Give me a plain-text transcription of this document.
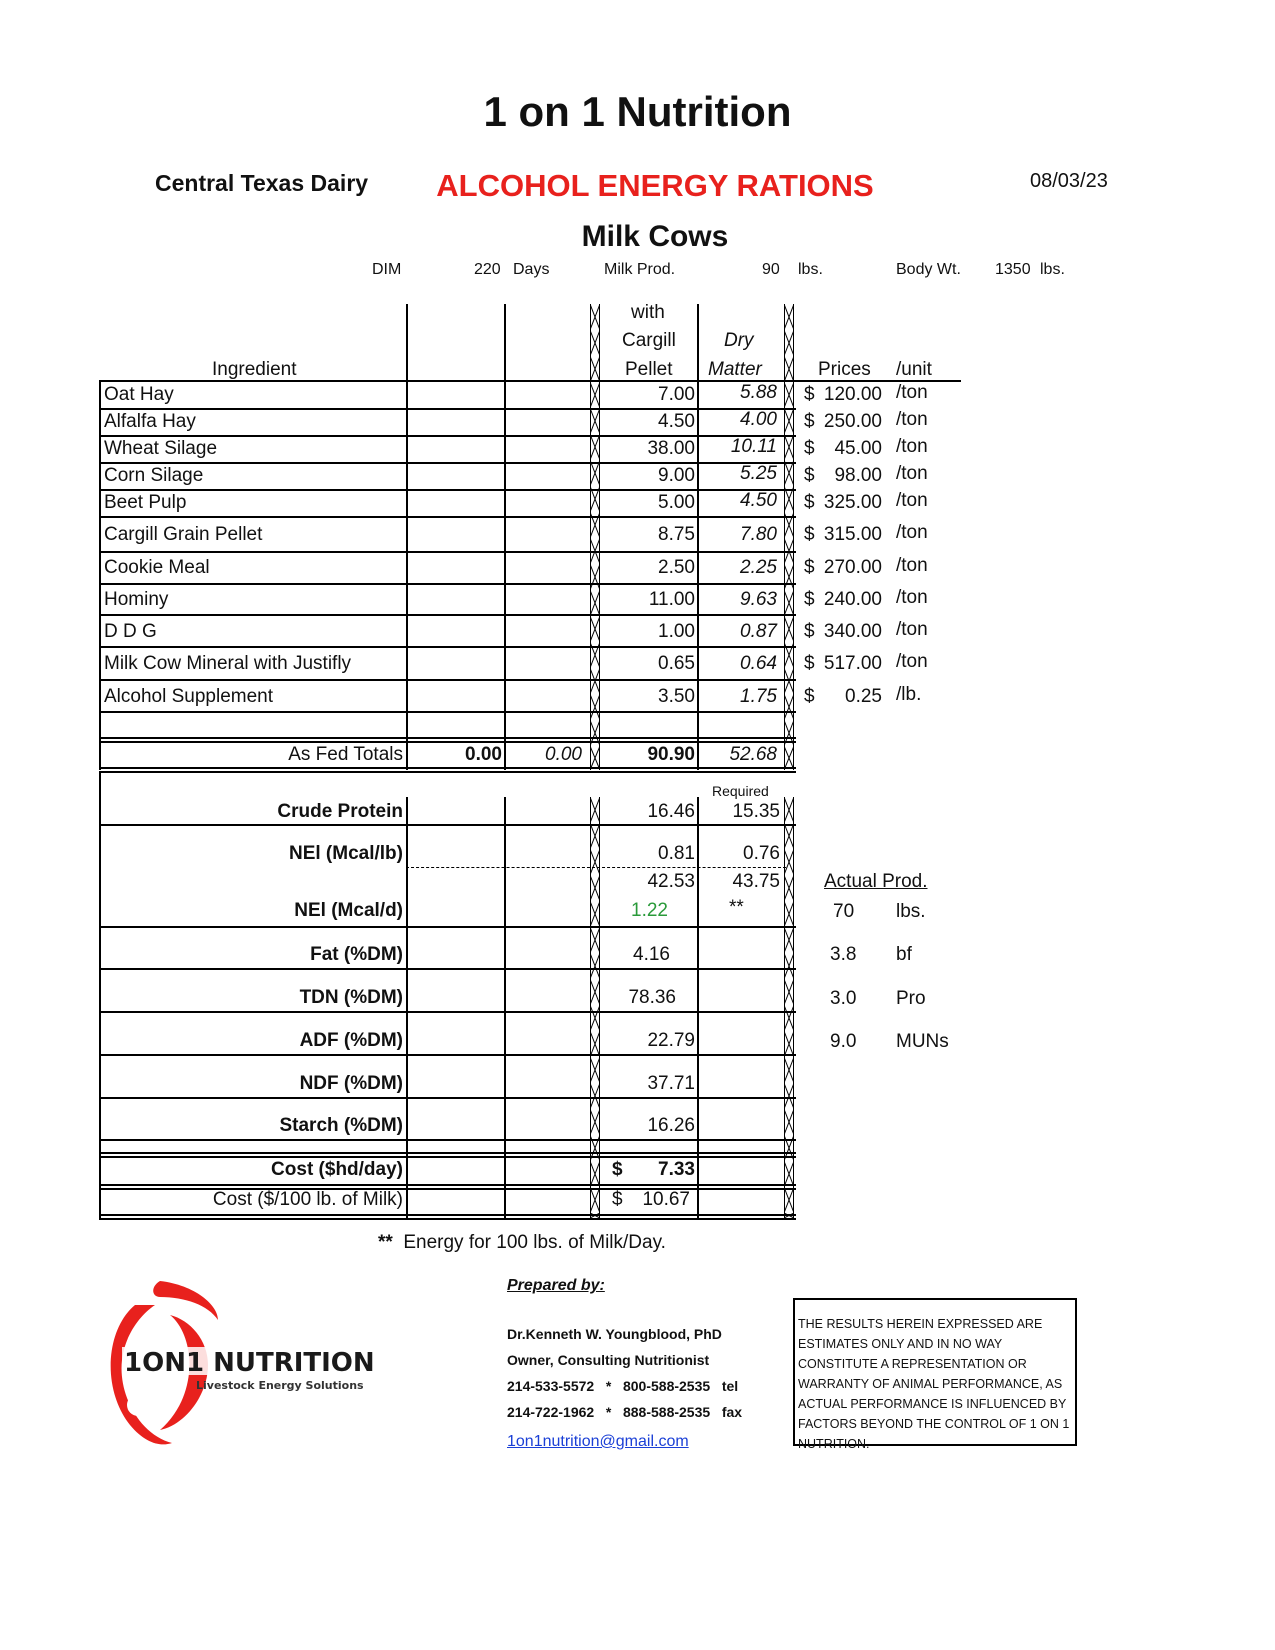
1 on 1 Nutrition
Central Texas Dairy ALCOHOL ENERGY RATIONS	08/03/23
Milk Cows
DIM	220 Days	Milk Prod.	90 lbs.	Body Wt. 1350 lbs.
Ingredient
with
Cargill
Pellet
Dry
Matter	Prices /unit
Oat Hay	7.00	5.88 $ 120.00 /ton
Alfalfa Hay	4.50	4.00 $ 250.00 /ton
Wheat Silage	38.00	10.11 $	45.00 /ton
Corn Silage	9.00	5.25 $	98.00 /ton
Beet Pulp	5.00	4.50 $ 325.00 /ton
Cargill Grain Pellet	8.75	7.80 $ 315.00 /ton
Cookie Meal	2.50	2.25 $ 270.00 /ton
Hominy	11.00	9.63 $ 240.00 /ton
D D G	1.00	0.87 $ 340.00 /ton
Milk Cow Mineral with Justifly	0.65	0.64 $ 517.00 /ton
Alcohol Supplement	3.50	1.75 $	0.25 /lb.
As Fed Totals	0.00	0.00	90.90	52.68
Required
Crude Protein	16.46	15.35
NEl (Mcal/lb)	0.81	0.76
42.53	43.75
NEl (Mcal/d)	1.22	**
Fat (%DM)	4.16
TDN (%DM)	78.36
ADF (%DM)	22.79
NDF (%DM)	37.71
Starch (%DM)	16.26
Cost ($hd/day)	$	7.33
Cost ($/100 lb. of Milk)	$	10.67
Actual Prod.
70 lbs.
3.8 bf
3.0 Pro
9.0 MUNs
** Energy for 100 lbs. of Milk/Day.
1ON1 NUTRITION
Livestock Energy Solutions
Prepared by:
Dr.Kenneth W. Youngblood, PhD
Owner, Consulting Nutritionist
214-533-5572   *   800-588-2535   tel
214-722-1962   *   888-588-2535   fax
1on1nutrition@gmail.com
THE RESULTS HEREIN EXPRESSED ARE ESTIMATES ONLY AND IN NO WAY CONSTITUTE A REPRESENTATION OR WARRANTY OF ANIMAL PERFORMANCE, AS ACTUAL PERFORMANCE IS INFLUENCED BY FACTORS BEYOND THE CONTROL OF 1 ON 1 NUTRITION.
